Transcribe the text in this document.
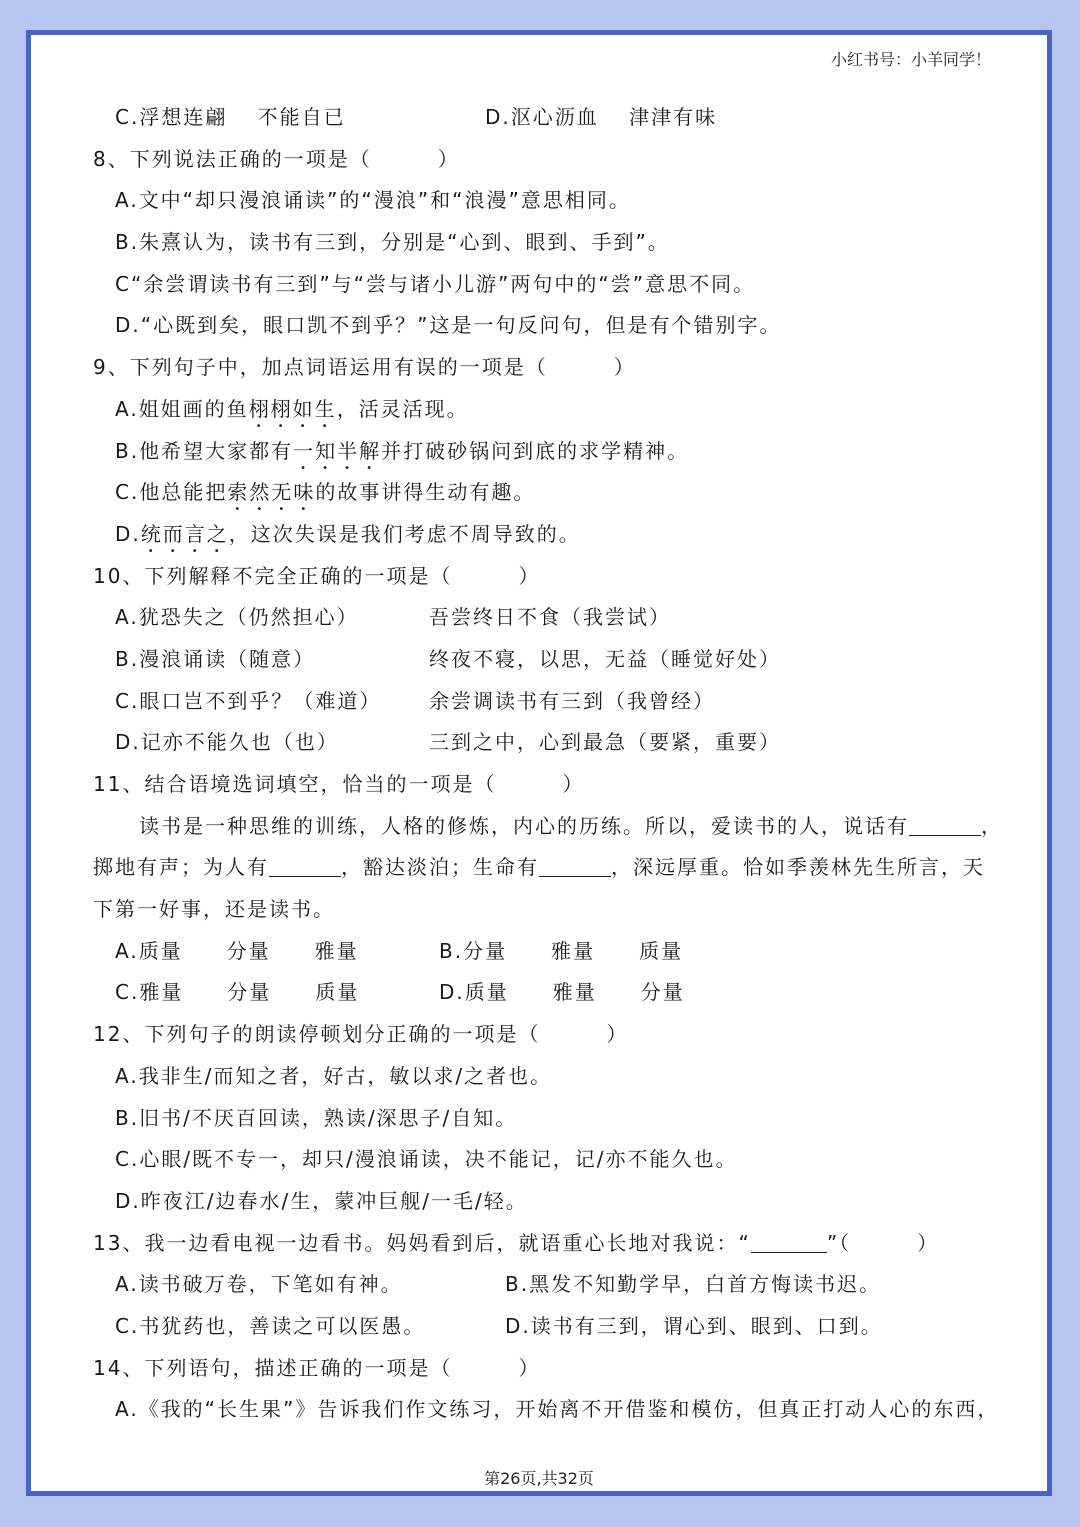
小红书号：小羊同学！
C.浮想连翩　 不能自已	D.沤心沥血　 津津有味
8、下列说法正确的一项是（　　　）
A.文中“却只漫浪诵读”的“漫浪”和“浪漫”意思相同。
B.朱熹认为，读书有三到，分别是“心到、眼到、手到”。
C“余尝谓读书有三到”与“尝与诸小儿游”两句中的“尝”意思不同。
D.“心既到矣，眼口凯不到乎？”这是一句反问句，但是有个错别字。
9、下列句子中，加点词语运用有误的一项是（　　　）
A.姐姐画的鱼栩栩如生，活灵活现。
B.他希望大家都有一知半解并打破砂锅问到底的求学精神。
C.他总能把索然无味的故事讲得生动有趣。
D.统而言之，这次失误是我们考虑不周导致的。
10、下列解释不完全正确的一项是（　　　）
A.犹恐失之（仍然担心）	吾尝终日不食（我尝试）
B.漫浪诵读（随意）	终夜不寝，以思，无益（睡觉好处）
C.眼口岂不到乎？（难道） 余尝调读书有三到（我曾经）
D.记亦不能久也（也）	三到之中，心到最急（要紧，重要）
11、结合语境选词填空，恰当的一项是（　　　）
读书是一种思维的训练，人格的修炼，内心的历练。所以，爱读书的人，说话有	，
掷地有声；为人有	，豁达淡泊；生命有	，深远厚重。恰如季羡林先生所言，天
下第一好事，还是读书。
A.质量　　分量　　雅量	B.分量　　雅量　　质量
C.雅量　　分量　　质量	D.质量　　雅量　　分量
12、下列句子的朗读停顿划分正确的一项是（　　　）
A.我非生/而知之者，好古，敏以求/之者也。
B.旧书/不厌百回读，熟读/深思子/自知。
C.心眼/既不专一，却只/漫浪诵读，决不能记，记/亦不能久也。
D.昨夜江/边春水/生，蒙冲巨舰/一毛/轻。
13、我一边看电视一边看书。妈妈看到后，就语重心长地对我说：“	”（　　　）
A.读书破万卷，下笔如有神。	B.黑发不知勤学早，白首方悔读书迟。
C.书犹药也，善读之可以医愚。	D.读书有三到，谓心到、眼到、口到。
14、下列语句，描述正确的一项是（　　　）
A.《我的“长生果”》告诉我们作文练习，开始离不开借鉴和模仿，但真正打动人心的东西，
第26页,共32页
